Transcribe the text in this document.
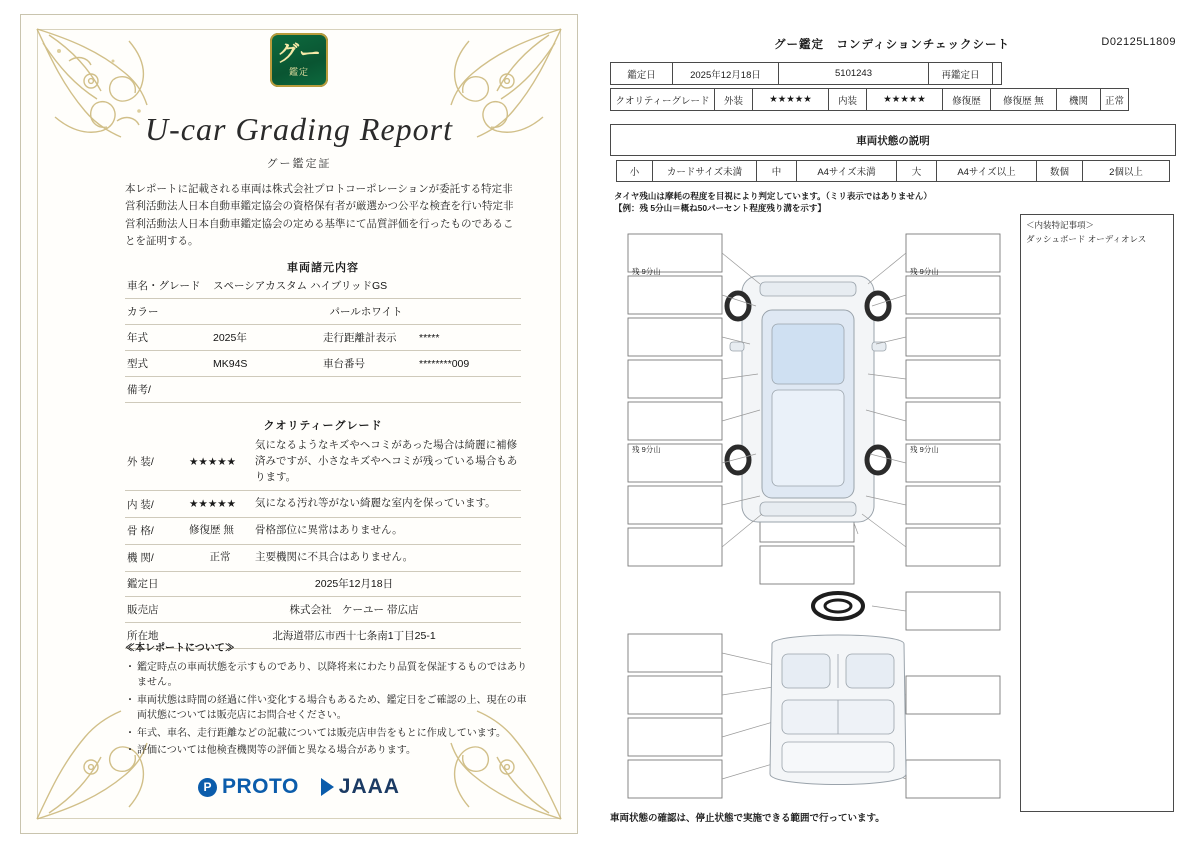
グー
鑑定
U-car Grading Report
グー鑑定証
本レポートに記載される車両は株式会社プロトコーポレーションが委託する特定非営利活動法人日本自動車鑑定協会の資格保有者が厳選かつ公平な検査を行い特定非営利活動法人日本自動車鑑定協会の定める基準にて品質評価を行ったものであることを証明する。
車両諸元内容
車名・グレード	スペーシアカスタム ハイブリッドGS		
カラー	パールホワイト		
年式	2025年	走行距離計表示	*****
型式	MK94S	車台番号	********009
備考/			
クオリティーグレード
外 装/	★★★★★	気になるようなキズやヘコミがあった場合は綺麗に補修済みですが、小さなキズやヘコミが残っている場合もあります。
内 装/	★★★★★	気になる汚れ等がない綺麗な室内を保っています。
骨 格/	修復歴 無	骨格部位に異常はありません。
機 関/	正常	主要機関に不具合はありません。
鑑定日	2025年12月18日
販売店	株式会社　ケーユー 帯広店
所在地	北海道帯広市西十七条南1丁目25-1
≪本レポートについて≫
・ 鑑定時点の車両状態を示すものであり、以降将来にわたり品質を保証するものではありません。
・ 車両状態は時間の経過に伴い変化する場合もあるため、鑑定日をご確認の上、現在の車両状態については販売店にお問合せください。
・ 年式、車名、走行距離などの記載については販売店申告をもとに作成しています。
・ 評価については他検査機関等の評価と異なる場合があります。
P PROTO JAAA
グー鑑定　コンディションチェックシート	D02125L1809
鑑定日	2025年12月18日	5101243	再鑑定日	
クオリティーグレード	外装	★★★★★	内装	★★★★★	修復歴	修復歴 無	機関	正常
車両状態の説明
小	カードサイズ未満	中	A4サイズ未満	大	A4サイズ以上	数個	2個以上
タイヤ残山は摩耗の程度を目視により判定しています。（ミリ表示ではありません）
【例：残 5分山＝概ね50パーセント程度残り溝を示す】
残 9分山	残 9分山
残 9分山	残 9分山
＜内装特記事項＞
ダッシュボード オーディオレス
車両状態の確認は、停止状態で実施できる範囲で行っています。
